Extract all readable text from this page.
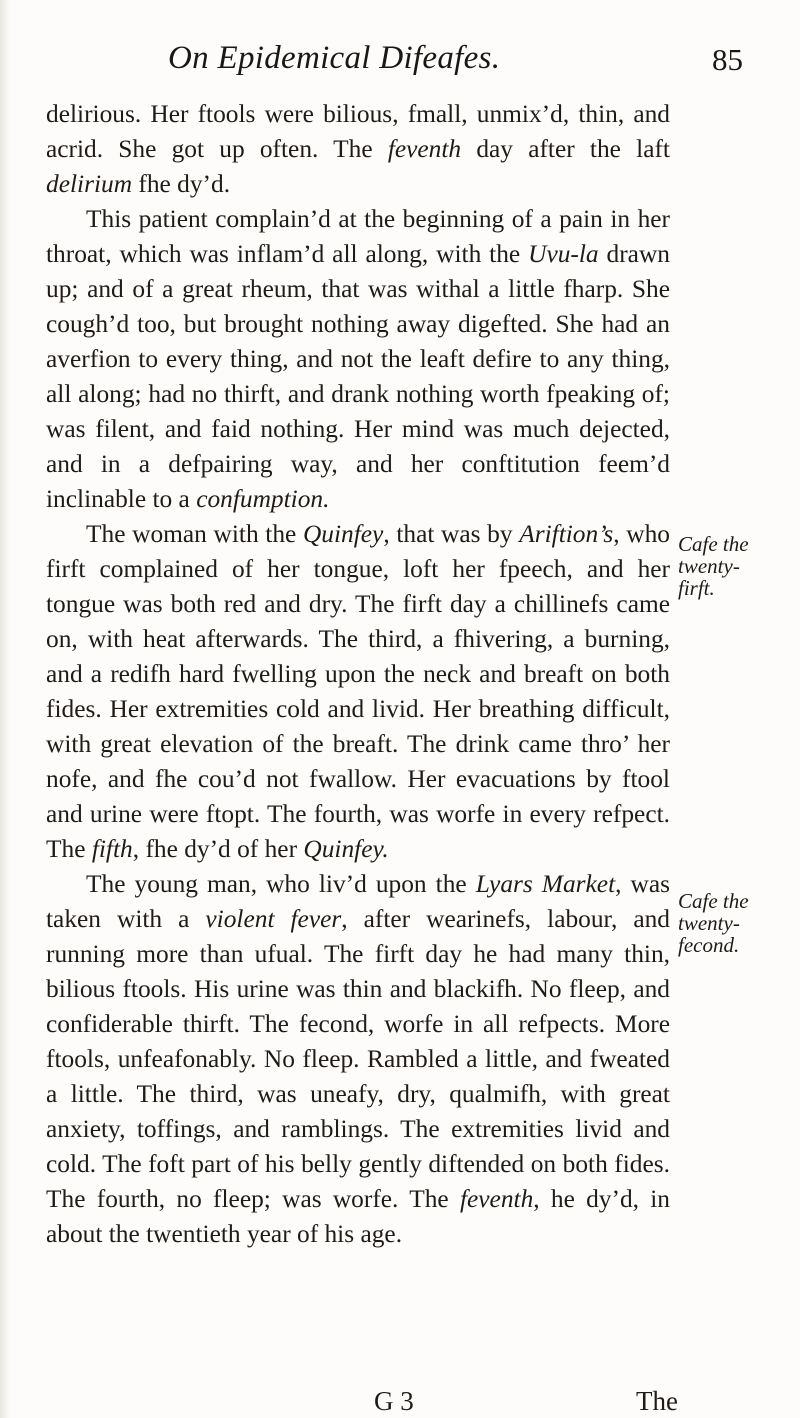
On Epidemical Difeafes.	85

delirious. Her ftools were bilious, fmall, unmix’d, thin, and acrid. She got up often. The feventh day after the laft delirium fhe dy’d.

This patient complain’d at the beginning of a pain in her throat, which was inflam’d all along, with the Uvu-la drawn up; and of a great rheum, that was withal a little fharp. She cough’d too, but brought nothing away digefted. She had an averfion to every thing, and not the leaft defire to any thing, all along; had no thirft, and drank nothing worth fpeaking of; was filent, and faid nothing. Her mind was much dejected, and in a defpairing way, and her conftitution feem’d inclinable to a confumption.

The woman with the Quinfey, that was by Ariftion’s, who firft complained of her tongue, loft her fpeech, and her tongue was both red and dry. The firft day a chillinefs came on, with heat afterwards. The third, a fhivering, a burning, and a redifh hard fwelling upon the neck and breaft on both fides. Her extremities cold and livid. Her breathing difficult, with great elevation of the breaft. The drink came thro’ her nofe, and fhe cou’d not fwallow. Her evacuations by ftool and urine were ftopt. The fourth, was worfe in every refpect. The fifth, fhe dy’d of her Quinfey.

The young man, who liv’d upon the Lyars Market, was taken with a violent fever, after wearinefs, labour, and running more than ufual. The firft day he had many thin, bilious ftools. His urine was thin and blackifh. No fleep, and confiderable thirft. The fecond, worfe in all refpects. More ftools, unfeafonably. No fleep. Rambled a little, and fweated a little. The third, was uneafy, dry, qualmifh, with great anxiety, toffings, and ramblings. The extremities livid and cold. The foft part of his belly gently diftended on both fides. The fourth, no fleep; was worfe. The feventh, he dy’d, in about the twentieth year of his age.

Cafe the
twenty-
firft.
Cafe the
twenty-
fecond.
G 3	The
